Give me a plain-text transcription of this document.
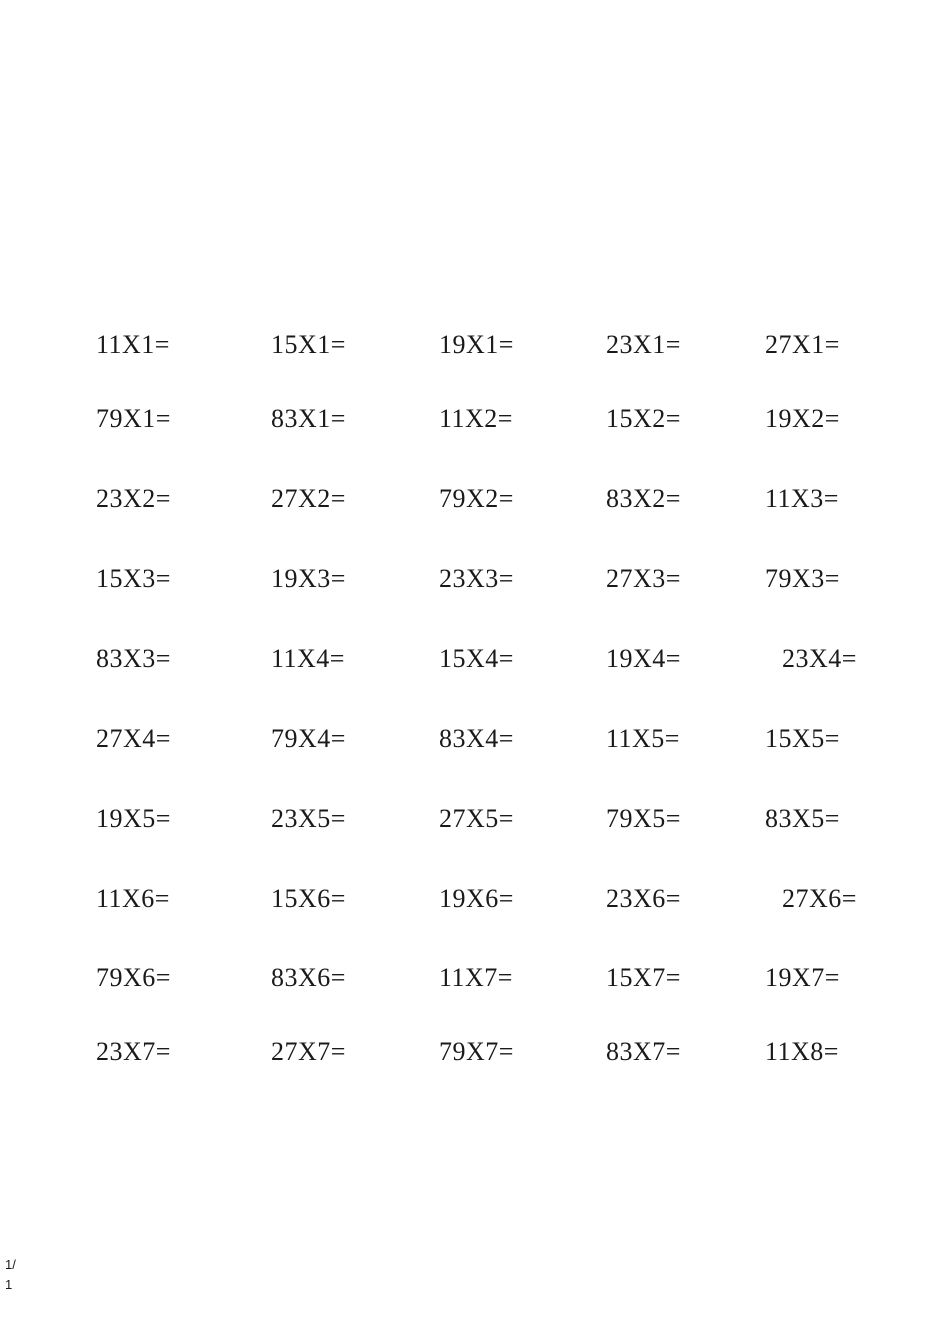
11X1=	15X1=	19X1=	23X1=	27X1=
79X1=	83X1=	11X2=	15X2=	19X2=
23X2=	27X2=	79X2=	83X2=	11X3=
15X3=	19X3=	23X3=	27X3=	79X3=
83X3=	11X4=	15X4=	19X4=	23X4=
27X4=	79X4=	83X4=	11X5=	15X5=
19X5=	23X5=	27X5=	79X5=	83X5=
11X6=	15X6=	19X6=	23X6=	27X6=
79X6=	83X6=	11X7=	15X7=	19X7=
23X7=	27X7=	79X7=	83X7=	11X8=
1/
1
